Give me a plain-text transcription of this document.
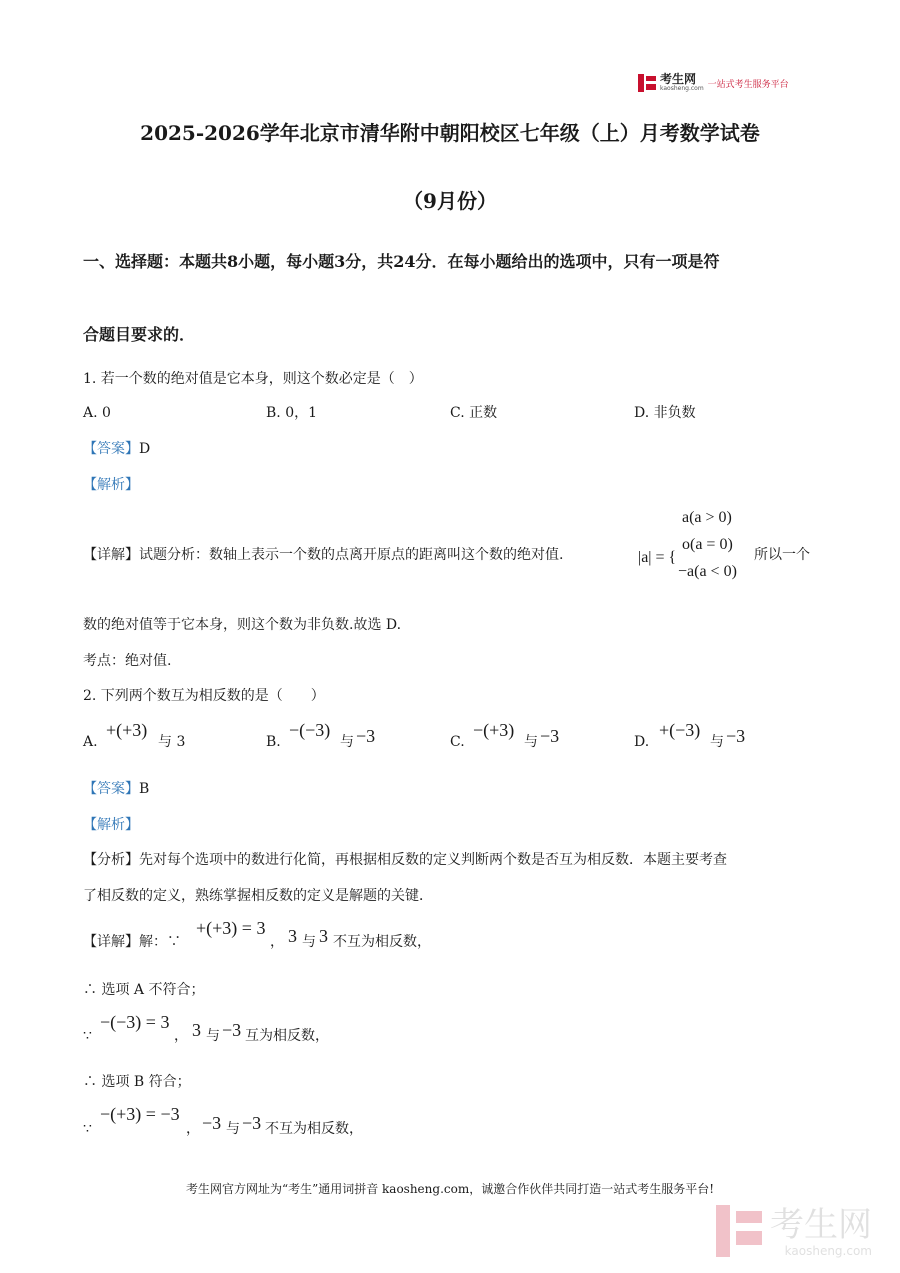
考生网
kaosheng.com 一站式考生服务平台
2025-2026学年北京市清华附中朝阳校区七年级（上）月考数学试卷
（9月份）
一、选择题：本题共8小题，每小题3分，共24分．在每小题给出的选项中，只有一项是符
合题目要求的．
1. 若一个数的绝对值是它本身，则这个数必定是（　）
A. 0	B. 0，1	C. 正数	D. 非负数
【答案】D
【解析】
【详解】试题分析：数轴上表示一个数的点离开原点的距离叫这个数的绝对值.	|a| = {
a(a > 0)
o(a = 0)
−a(a < 0)
所以一个
数的绝对值等于它本身，则这个数为非负数.故选 D.
考点：绝对值.
2. 下列两个数互为相反数的是（　　）
A.
+(+3)
与 3	B.
−(−3)
与 −3	C.
−(+3)
与 −3	D.
+(−3)
与 −3
【答案】B
【解析】
【分析】先对每个选项中的数进行化简，再根据相反数的定义判断两个数是否互为相反数．本题主要考查
了相反数的定义，熟练掌握相反数的定义是解题的关键．
【详解】解：∵
+(+3) = 3
， 3 与 3 不互为相反数，
∴ 选项 A 不符合；
∵
−(−3) = 3
， 3 与 −3 互为相反数，
∴ 选项 B 符合；
∵
−(+3) = −3
， −3 与 −3 不互为相反数，
考生网官方网址为“考生”通用词拼音 kaosheng.com，诚邀合作伙伴共同打造一站式考生服务平台!
考生网
kaosheng.com
